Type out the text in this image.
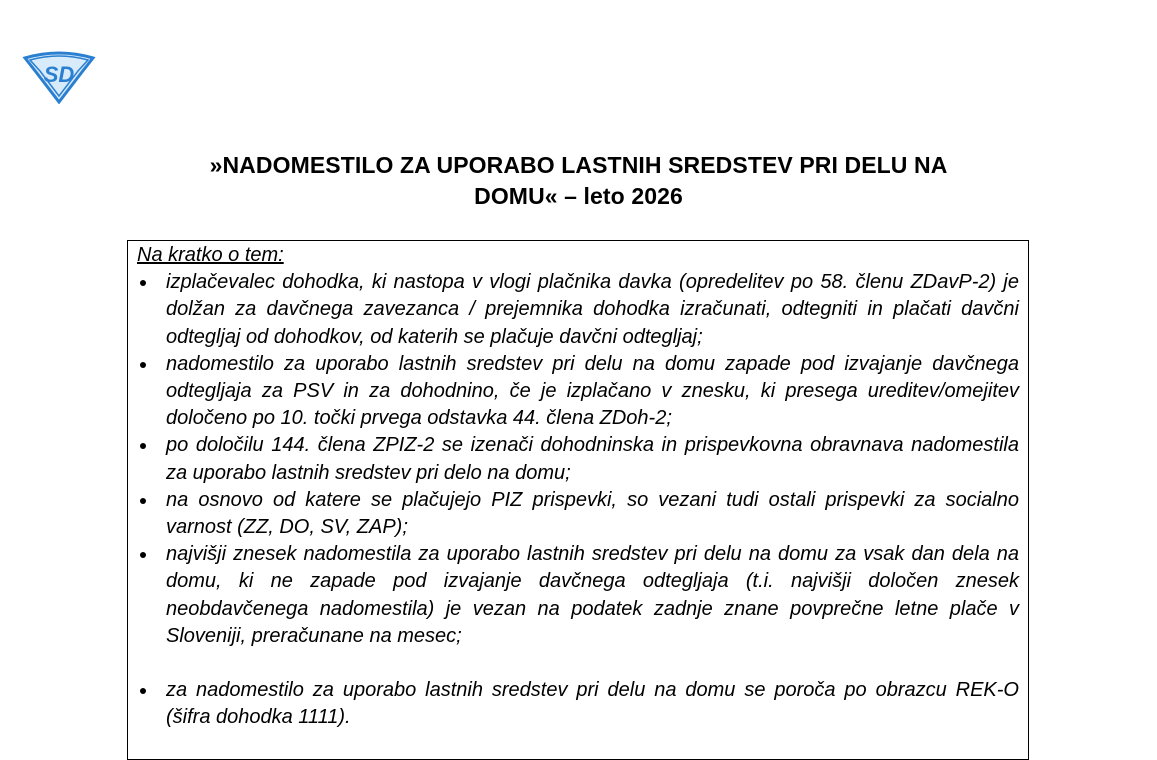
SD
»NADOMESTILO ZA UPORABO LASTNIH SREDSTEV PRI DELU NA
DOMU« – leto 2026
Na kratko o tem:
izplačevalec dohodka, ki nastopa v vlogi plačnika davka (opredelitev po 58. členu ZDavP-2) je dolžan za davčnega zavezanca / prejemnika dohodka izračunati, odtegniti in plačati davčni odtegljaj od dohodkov, od katerih se plačuje davčni odtegljaj;
nadomestilo za uporabo lastnih sredstev pri delu na domu zapade pod izvajanje davčnega odtegljaja za PSV in za dohodnino, če je izplačano v znesku, ki presega ureditev/omejitev določeno po 10. točki prvega odstavka 44. člena ZDoh-2;
po določilu 144. člena ZPIZ-2 se izenači dohodninska in prispevkovna obravnava nadomestila za uporabo lastnih sredstev pri delo na domu;
na osnovo od katere se plačujejo PIZ prispevki, so vezani tudi ostali prispevki za socialno varnost (ZZ, DO, SV, ZAP);
najvišji znesek nadomestila za uporabo lastnih sredstev pri delu na domu za vsak dan dela na domu, ki ne zapade pod izvajanje davčnega odtegljaja (t.i. najvišji določen znesek neobdavčenega nadomestila) je vezan na podatek zadnje znane povprečne letne plače v Sloveniji, preračunane na mesec;
za nadomestilo za uporabo lastnih sredstev pri delu na domu se poroča po obrazcu REK-O (šifra dohodka 1111).
